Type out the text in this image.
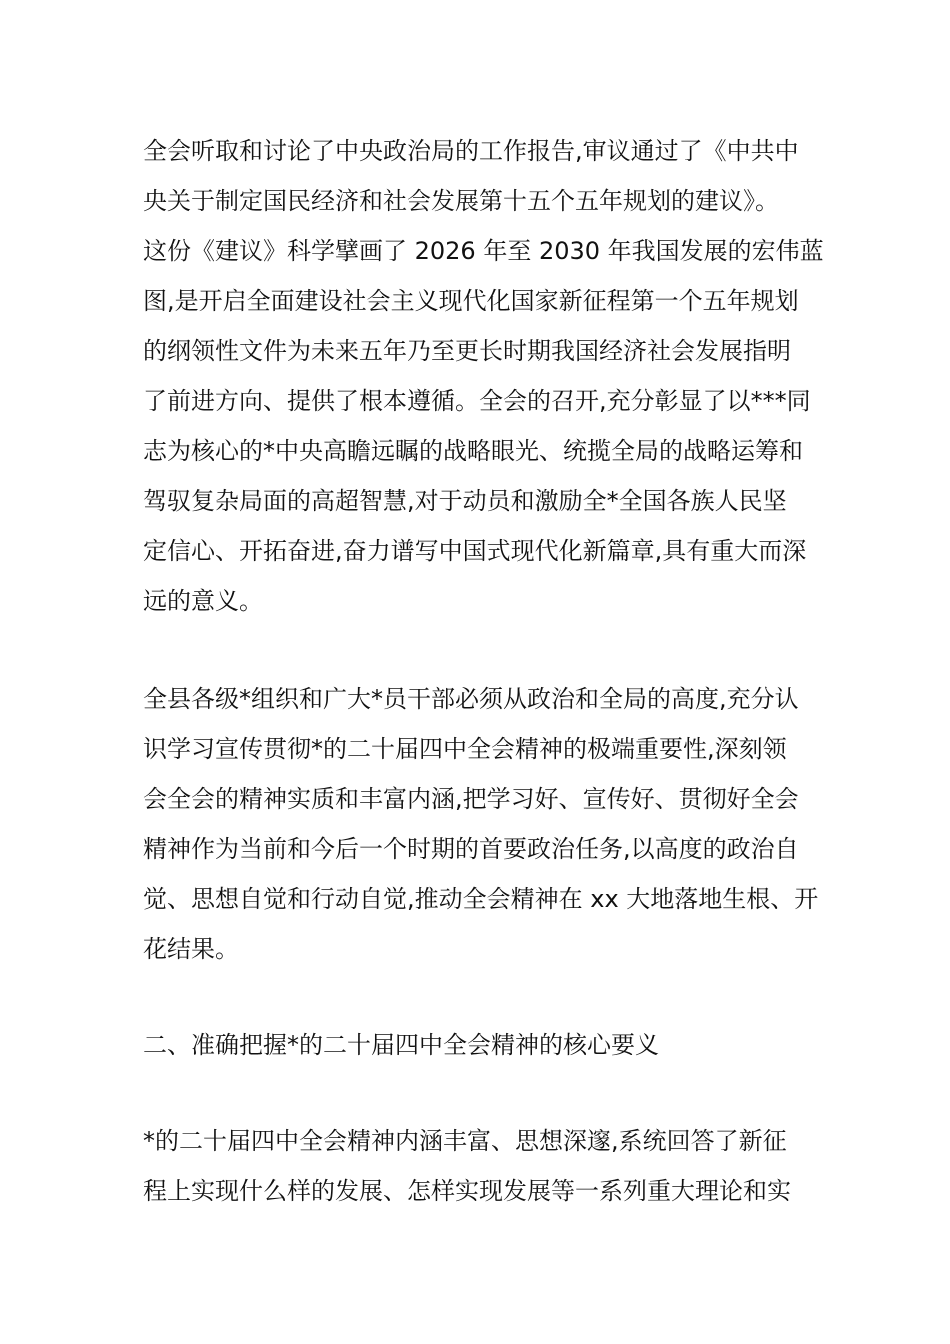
全会听取和讨论了中央政治局的工作报告,审议通过了《中共中
央关于制定国民经济和社会发展第十五个五年规划的建议》。
这份《建议》科学擘画了 2026 年至 2030 年我国发展的宏伟蓝
图,是开启全面建设社会主义现代化国家新征程第一个五年规划
的纲领性文件为未来五年乃至更长时期我国经济社会发展指明
了前进方向、提供了根本遵循。全会的召开,充分彰显了以***同
志为核心的*中央高瞻远瞩的战略眼光、统揽全局的战略运筹和
驾驭复杂局面的高超智慧,对于动员和激励全*全国各族人民坚
定信心、开拓奋进,奋力谱写中国式现代化新篇章,具有重大而深
远的意义。
全县各级*组织和广大*员干部必须从政治和全局的高度,充分认
识学习宣传贯彻*的二十届四中全会精神的极端重要性,深刻领
会全会的精神实质和丰富内涵,把学习好、宣传好、贯彻好全会
精神作为当前和今后一个时期的首要政治任务,以高度的政治自
觉、思想自觉和行动自觉,推动全会精神在 xx 大地落地生根、开
花结果。
二、准确把握*的二十届四中全会精神的核心要义
*的二十届四中全会精神内涵丰富、思想深邃,系统回答了新征
程上实现什么样的发展、怎样实现发展等一系列重大理论和实
